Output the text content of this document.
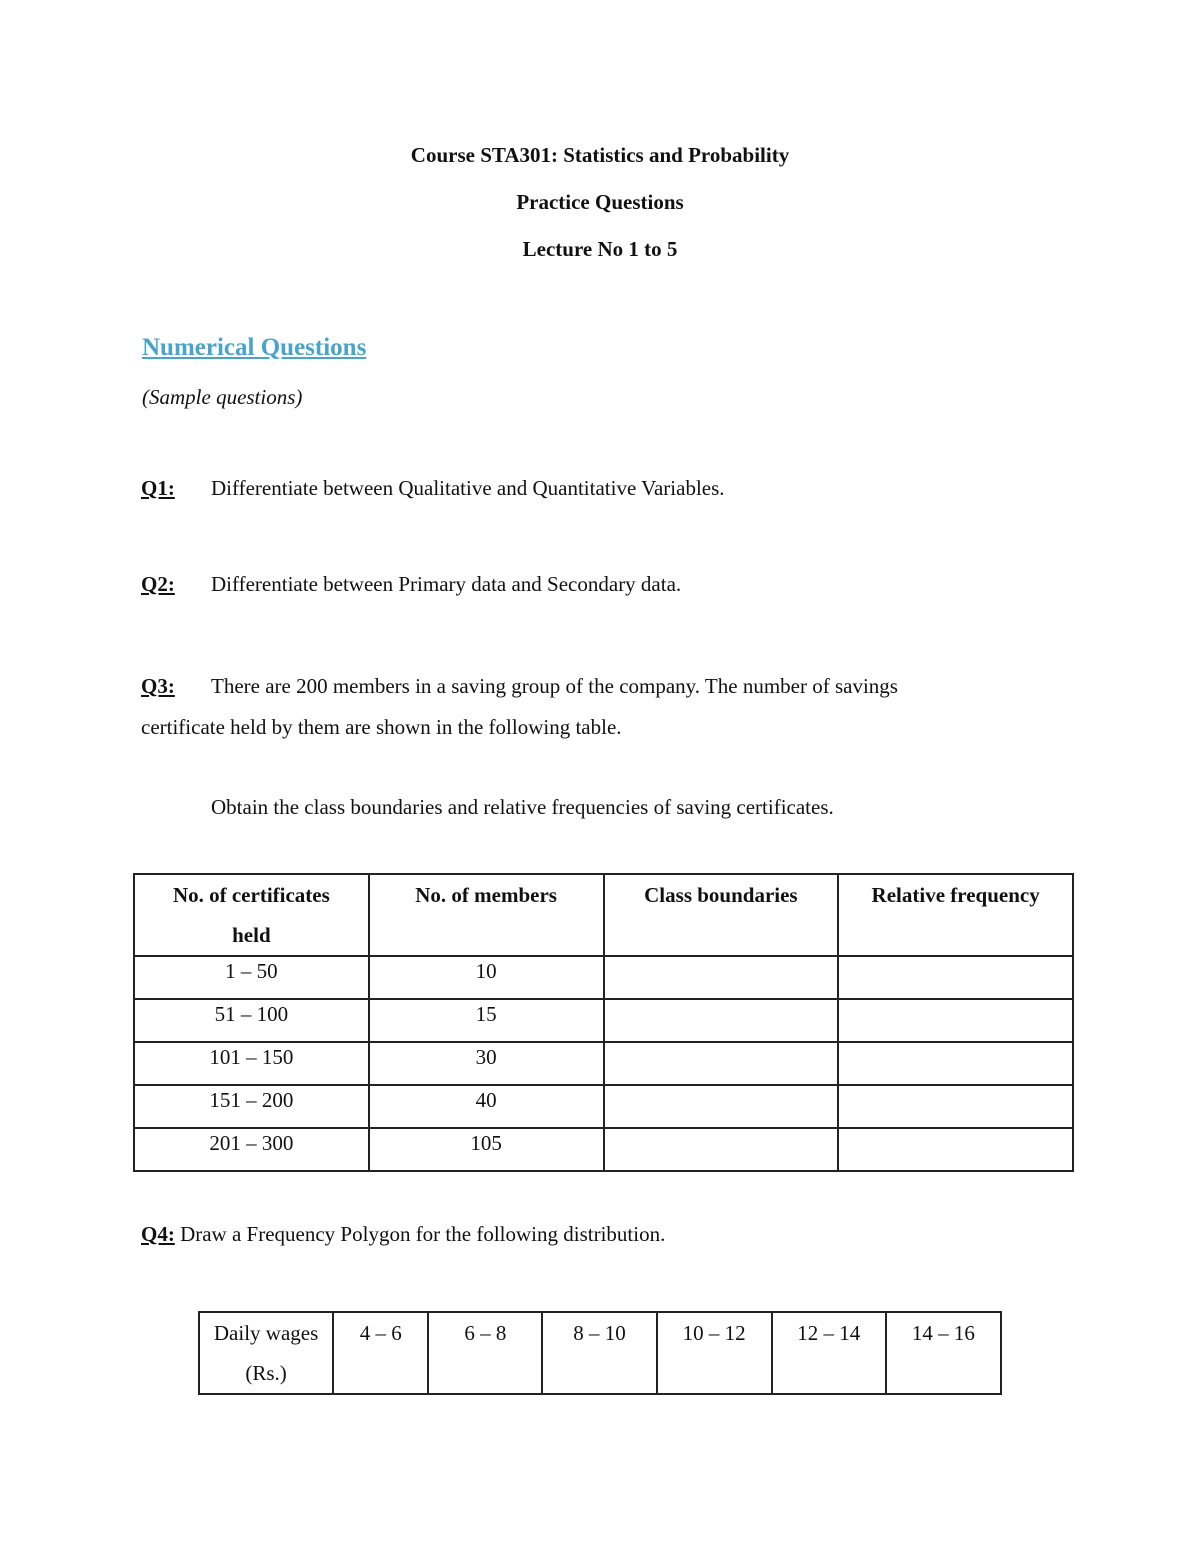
Course STA301: Statistics and Probability
Practice Questions
Lecture No 1 to 5
Numerical Questions
(Sample questions)
Q1: Differentiate between Qualitative and Quantitative Variables.
Q2: Differentiate between Primary data and Secondary data.
Q3: There are 200 members in a saving group of the company. The number of savings
certificate held by them are shown in the following table.
Obtain the class boundaries and relative frequencies of saving certificates.
No. of certificates held	No. of members	Class boundaries	Relative frequency
1 – 50	10		
51 – 100	15		
101 – 150	30		
151 – 200	40		
201 – 300	105		
Q4: Draw a Frequency Polygon for the following distribution.
Daily wages (Rs.)	4 – 6	6 – 8	8 – 10	10 – 12	12 – 14	14 – 16
